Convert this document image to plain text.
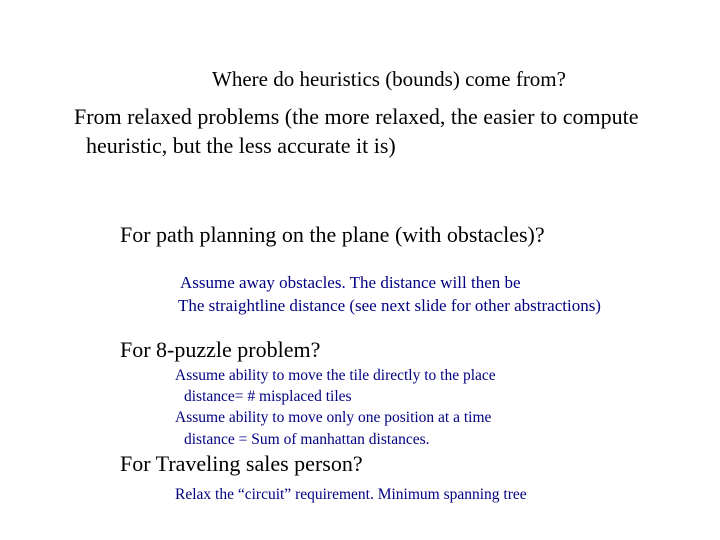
Where do heuristics (bounds) come from?
From relaxed problems (the more relaxed, the easier to compute
heuristic, but the less accurate it is)
For path planning on the plane (with obstacles)?
Assume away obstacles. The distance will then be
The straightline distance (see next slide for other abstractions)
For 8-puzzle problem?
Assume ability to move the tile directly to the place
distance= # misplaced tiles
Assume ability to move only one position at a time
distance = Sum of manhattan distances.
For Traveling sales person?
Relax the “circuit” requirement. Minimum spanning tree
